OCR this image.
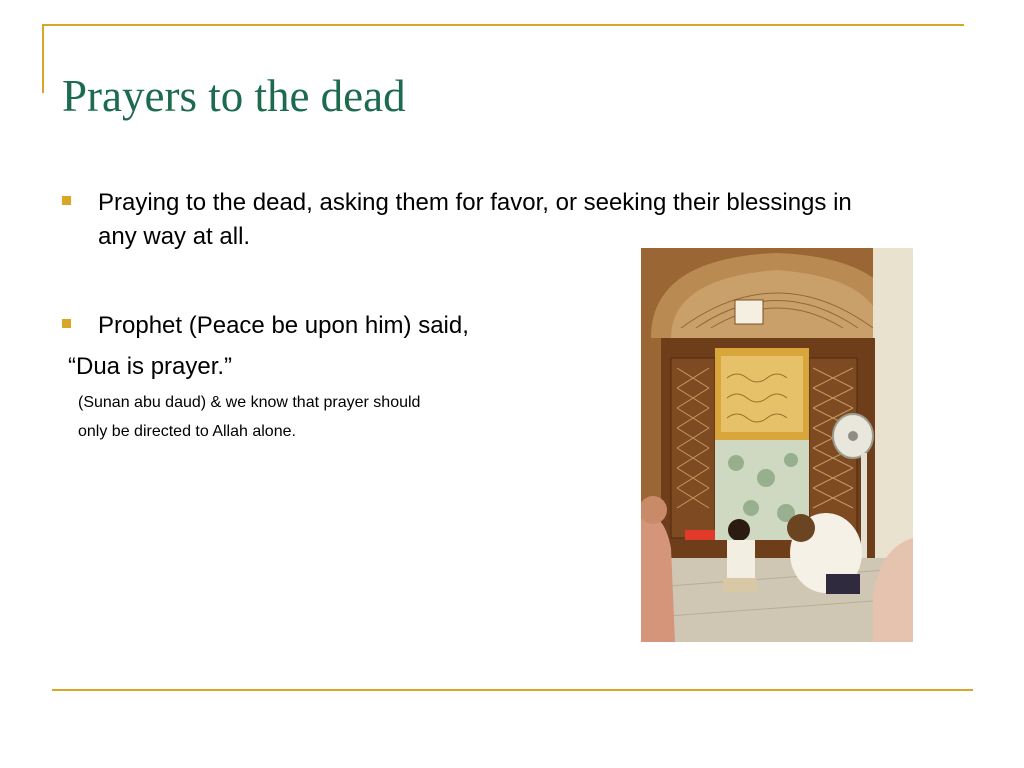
Prayers to the dead
Praying to the dead, asking them for favor, or seeking their blessings in any way at all.
Prophet (Peace be upon him) said,
“Dua is prayer.”
(Sunan abu daud) & we know that prayer should
only be directed to Allah alone.
